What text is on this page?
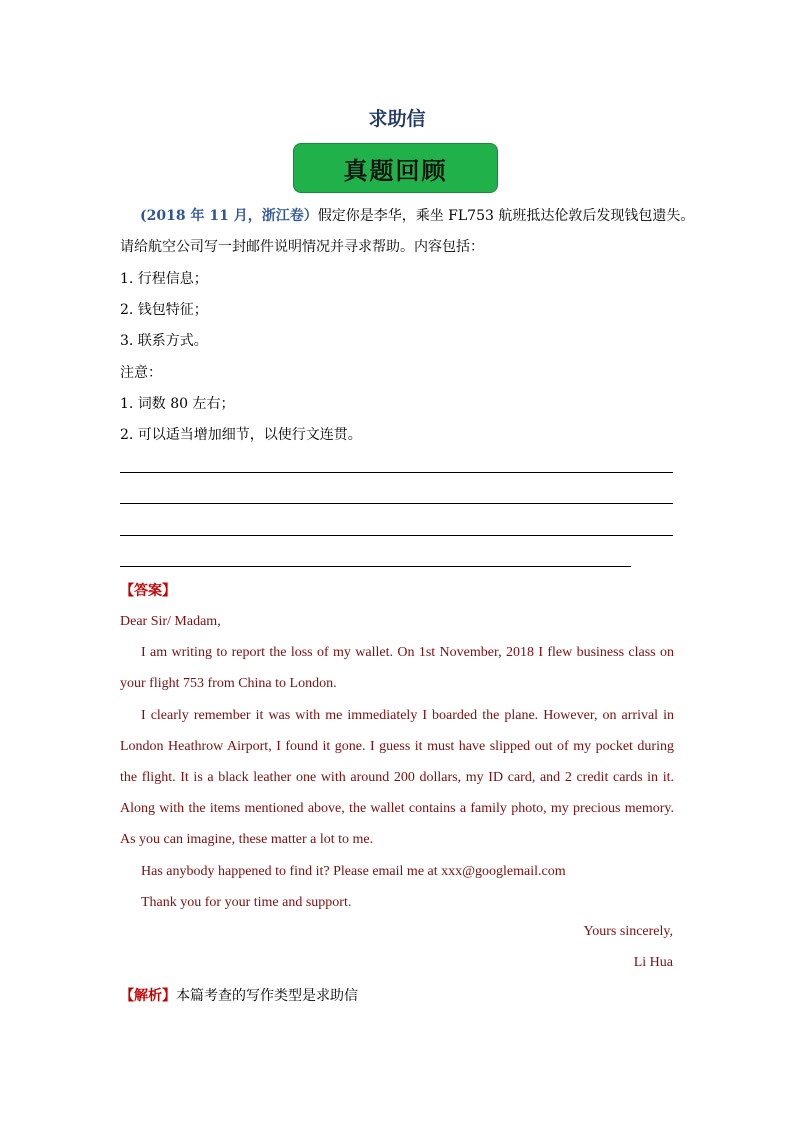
求助信
真题回顾
(2018 年 11 月，浙江卷）假定你是李华，乘坐 FL753 航班抵达伦敦后发现钱包遗失。
请给航空公司写一封邮件说明情况并寻求帮助。内容包括：
1. 行程信息；
2. 钱包特征；
3. 联系方式。
注意：
1. 词数 80 左右；
2. 可以适当增加细节，以使行文连贯。
【答案】
Dear Sir/ Madam,

I am writing to report the loss of my wallet. On 1st November, 2018 I flew business class on your flight 753 from China to London.

I clearly remember it was with me immediately I boarded the plane. However, on arrival in London Heathrow Airport, I found it gone. I guess it must have slipped out of my pocket during the flight. It is a black leather one with around 200 dollars, my ID card, and 2 credit cards in it. Along with the items mentioned above, the wallet contains a family photo, my precious memory. As you can imagine, these matter a lot to me.

Has anybody happened to find it? Please email me at xxx@googlemail.com
Thank you for your time and support.
Yours sincerely,
Li Hua
【解析】本篇考查的写作类型是求助信
